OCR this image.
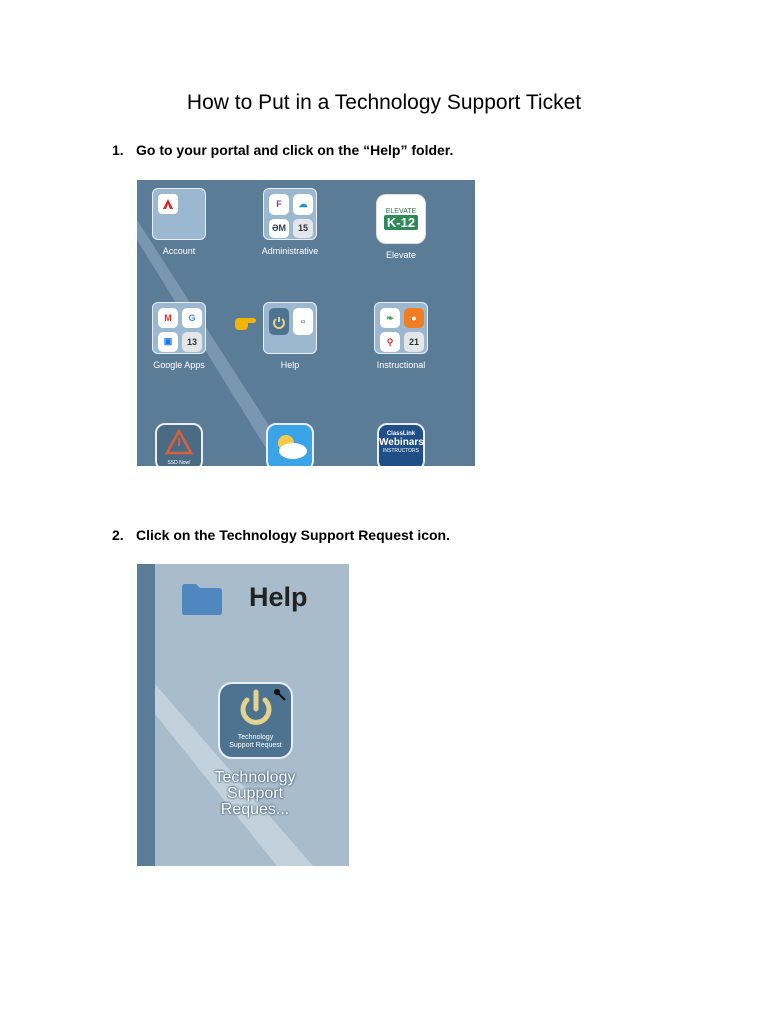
How to Put in a Technology Support Ticket
1. Go to your portal and click on the “Help” folder.
Account
F	☁
ƏM	15
Administrative
ELEVATE
K-12
Elevate
M	G
▣	13
Google Apps
▭
Help
❧	●
⚲	21
Instructional
SSD Now!
ClassLink
Webinars
INSTRUCTORS
2. Click on the Technology Support Request icon.
Help
Technology
Support Request
Technology
Support
Reques...
